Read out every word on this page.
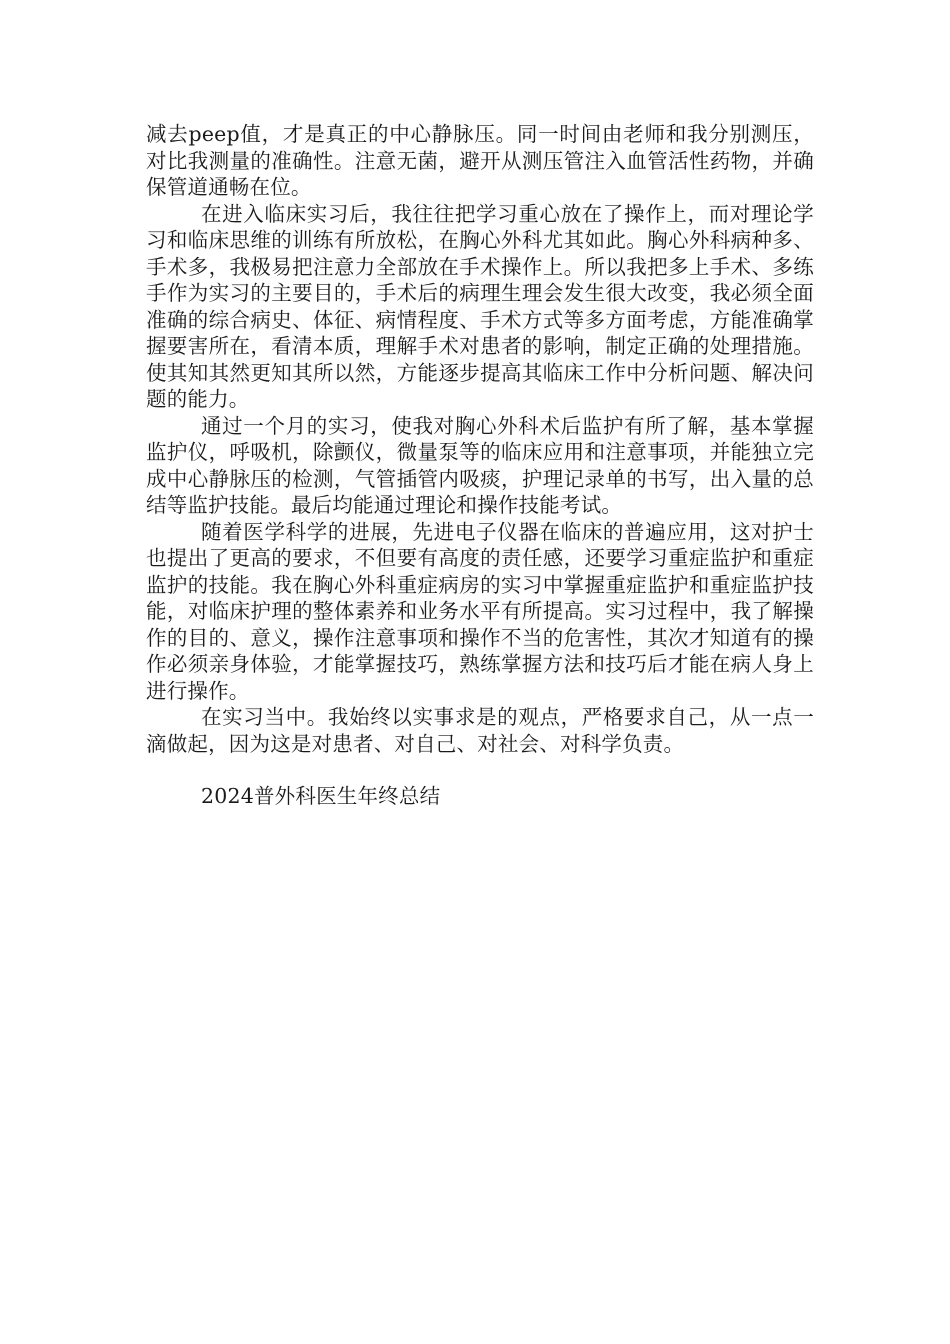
减去peep值，才是真正的中心静脉压。同一时间由老师和我分别测压，对比我测量的准确性。注意无菌，避开从测压管注入血管活性药物，并确保管道通畅在位。

在进入临床实习后，我往往把学习重心放在了操作上，而对理论学习和临床思维的训练有所放松，在胸心外科尤其如此。胸心外科病种多、手术多，我极易把注意力全部放在手术操作上。所以我把多上手术、多练手作为实习的主要目的，手术后的病理生理会发生很大改变，我必须全面准确的综合病史、体征、病情程度、手术方式等多方面考虑，方能准确掌握要害所在，看清本质，理解手术对患者的影响，制定正确的处理措施。使其知其然更知其所以然，方能逐步提高其临床工作中分析问题、解决问题的能力。

通过一个月的实习，使我对胸心外科术后监护有所了解，基本掌握监护仪，呼吸机，除颤仪，微量泵等的临床应用和注意事项，并能独立完成中心静脉压的检测，气管插管内吸痰，护理记录单的书写，出入量的总结等监护技能。最后均能通过理论和操作技能考试。

随着医学科学的进展，先进电子仪器在临床的普遍应用，这对护士也提出了更高的要求，不但要有高度的责任感，还要学习重症监护和重症监护的技能。我在胸心外科重症病房的实习中掌握重症监护和重症监护技能，对临床护理的整体素养和业务水平有所提高。实习过程中，我了解操作的目的、意义，操作注意事项和操作不当的危害性，其次才知道有的操作必须亲身体验，才能掌握技巧，熟练掌握方法和技巧后才能在病人身上进行操作。

在实习当中。我始终以实事求是的观点，严格要求自己，从一点一滴做起，因为这是对患者、对自己、对社会、对科学负责。

2024普外科医生年终总结
